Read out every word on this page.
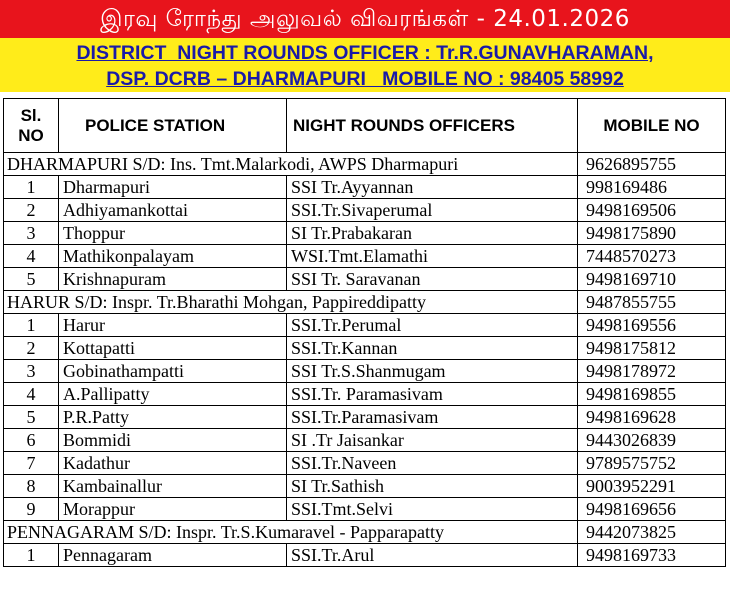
இரவு ரோந்து அலுவல் விவரங்கள் - 24.01.2026
DISTRICT  NIGHT ROUNDS OFFICER : Tr.R.GUNAVHARAMAN,
DSP. DCRB – DHARMAPURI   MOBILE NO : 98405 58992
Sl.
NO	POLICE STATION	NIGHT ROUNDS OFFICERS	MOBILE NO
DHARMAPURI S/D: Ins. Tmt.Malarkodi, AWPS Dharmapuri			9626895755
1	Dharmapuri	SSI Tr.Ayyannan	998169486
2	Adhiyamankottai	SSI.Tr.Sivaperumal	9498169506
3	Thoppur	SI Tr.Prabakaran	9498175890
4	Mathikonpalayam	WSI.Tmt.Elamathi	7448570273
5	Krishnapuram	SSI Tr. Saravanan	9498169710
HARUR S/D: Inspr. Tr.Bharathi Mohgan, Pappireddipatty			9487855755
1	Harur	SSI.Tr.Perumal	9498169556
2	Kottapatti	SSI.Tr.Kannan	9498175812
3	Gobinathampatti	SSI Tr.S.Shanmugam	9498178972
4	A.Pallipatty	SSI.Tr. Paramasivam	9498169855
5	P.R.Patty	SSI.Tr.Paramasivam	9498169628
6	Bommidi	SI .Tr Jaisankar	9443026839
7	Kadathur	SSI.Tr.Naveen	9789575752
8	Kambainallur	SI Tr.Sathish	9003952291
9	Morappur	SSI.Tmt.Selvi	9498169656
PENNAGARAM S/D: Inspr. Tr.S.Kumaravel - Papparapatty			9442073825
1	Pennagaram	SSI.Tr.Arul	9498169733
